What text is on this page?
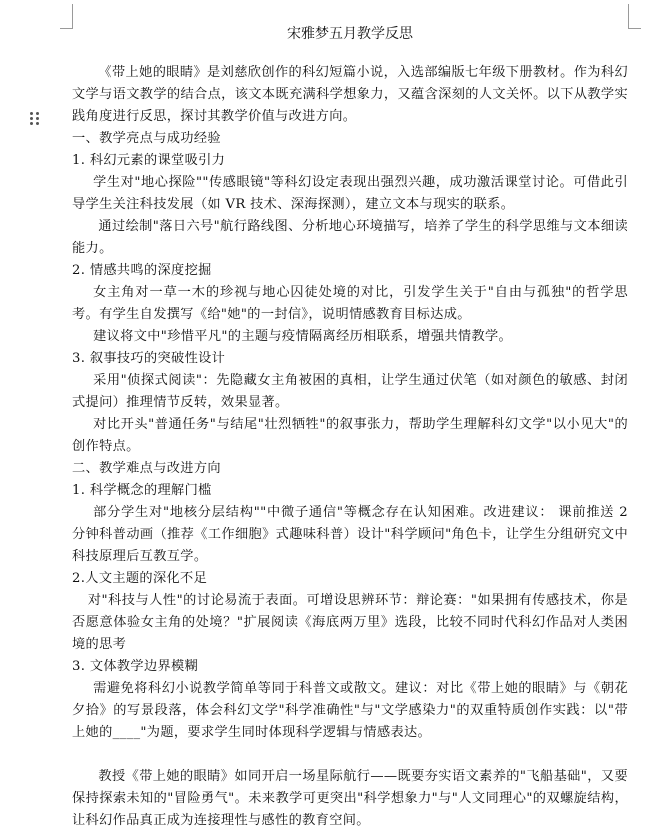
宋雅梦五月教学反思

《带上她的眼睛》是刘慈欣创作的科幻短篇小说，入选部编版七年级下册教材。作为科幻文学与语文教学的结合点，该文本既充满科学想象力，又蕴含深刻的人文关怀。以下从教学实践角度进行反思，探讨其教学价值与改进方向。

一、教学亮点与成功经验

1. 科幻元素的课堂吸引力

学生对"地心探险""传感眼镜"等科幻设定表现出强烈兴趣，成功激活课堂讨论。可借此引导学生关注科技发展（如 VR 技术、深海探测），建立文本与现实的联系。

通过绘制"落日六号"航行路线图、分析地心环境描写，培养了学生的科学思维与文本细读能力。

2. 情感共鸣的深度挖掘

女主角对一草一木的珍视与地心囚徒处境的对比，引发学生关于"自由与孤独"的哲学思考。有学生自发撰写《给"她"的一封信》，说明情感教育目标达成。

建议将文中"珍惜平凡"的主题与疫情隔离经历相联系，增强共情教学。

3. 叙事技巧的突破性设计

采用"侦探式阅读"：先隐藏女主角被困的真相，让学生通过伏笔（如对颜色的敏感、封闭式提问）推理情节反转，效果显著。

对比开头"普通任务"与结尾"壮烈牺牲"的叙事张力，帮助学生理解科幻文学"以小见大"的创作特点。

二、教学难点与改进方向

1. 科学概念的理解门槛

部分学生对"地核分层结构""中微子通信"等概念存在认知困难。改进建议： 课前推送 2 分钟科普动画（推荐《工作细胞》式趣味科普）设计"科学顾问"角色卡，让学生分组研究文中科技原理后互教互学。

2.人文主题的深化不足

对"科技与人性"的讨论易流于表面。可增设思辨环节：辩论赛："如果拥有传感技术，你是否愿意体验女主角的处境？"扩展阅读《海底两万里》选段，比较不同时代科幻作品对人类困境的思考

3. 文体教学边界模糊

需避免将科幻小说教学简单等同于科普文或散文。建议：对比《带上她的眼睛》与《朝花夕拾》的写景段落，体会科幻文学"科学准确性"与"文学感染力"的双重特质创作实践：以"带上她的____"为题，要求学生同时体现科学逻辑与情感表达。

教授《带上她的眼睛》如同开启一场星际航行——既要夯实语文素养的"飞船基础"，又要保持探索未知的"冒险勇气"。未来教学可更突出"科学想象力"与"人文同理心"的双螺旋结构，让科幻作品真正成为连接理性与感性的教育空间。
